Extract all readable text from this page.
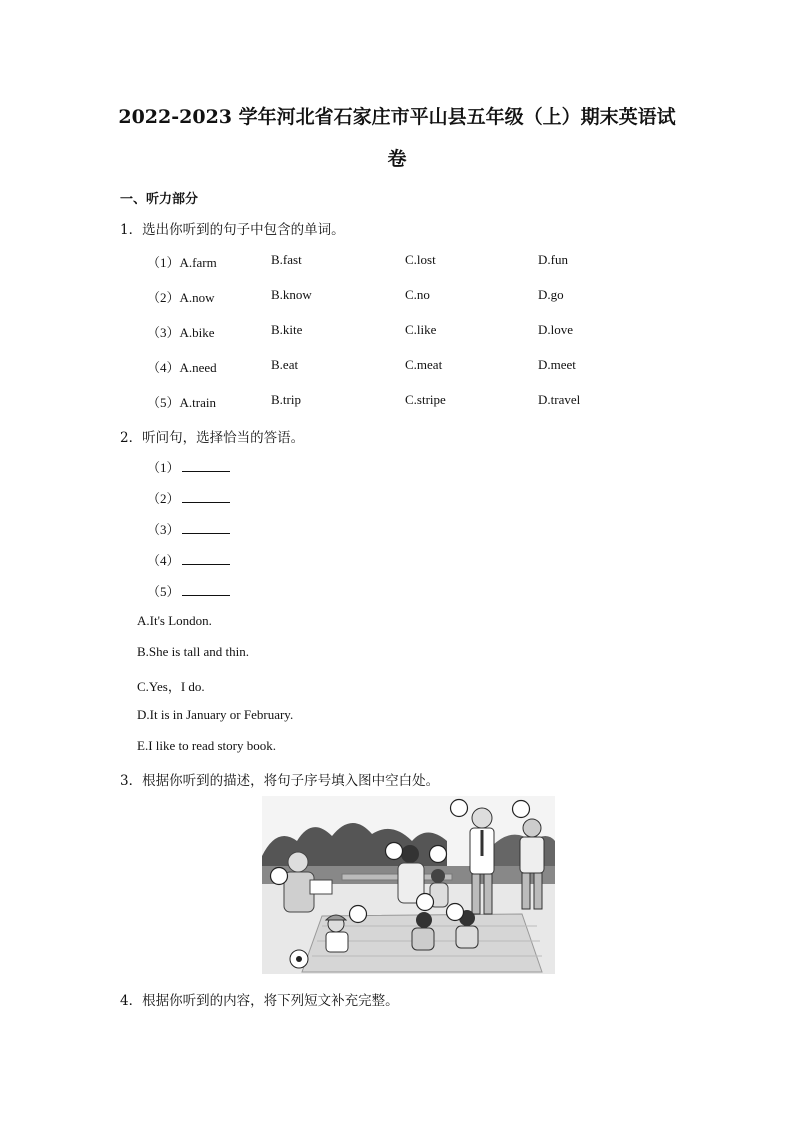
2022-2023 学年河北省石家庄市平山县五年级（上）期末英语试
卷
一、听力部分
1．选出你听到的句子中包含的单词。
（1）A.farm	B.fast	C.lost	D.fun
（2）A.now	B.know	C.no	D.go
（3）A.bike	B.kite	C.like	D.love
（4）A.need	B.eat	C.meat	D.meet
（5）A.train	B.trip	C.stripe	D.travel
2．听问句，选择恰当的答语。
（1）
（2）
（3）
（4）
（5）
A.It's London.
B.She is tall and thin.
C.Yes，I do.
D.It is in January or February.
E.I like to read story book.
3．根据你听到的描述，将句子序号填入图中空白处。
4．根据你听到的内容，将下列短文补充完整。
